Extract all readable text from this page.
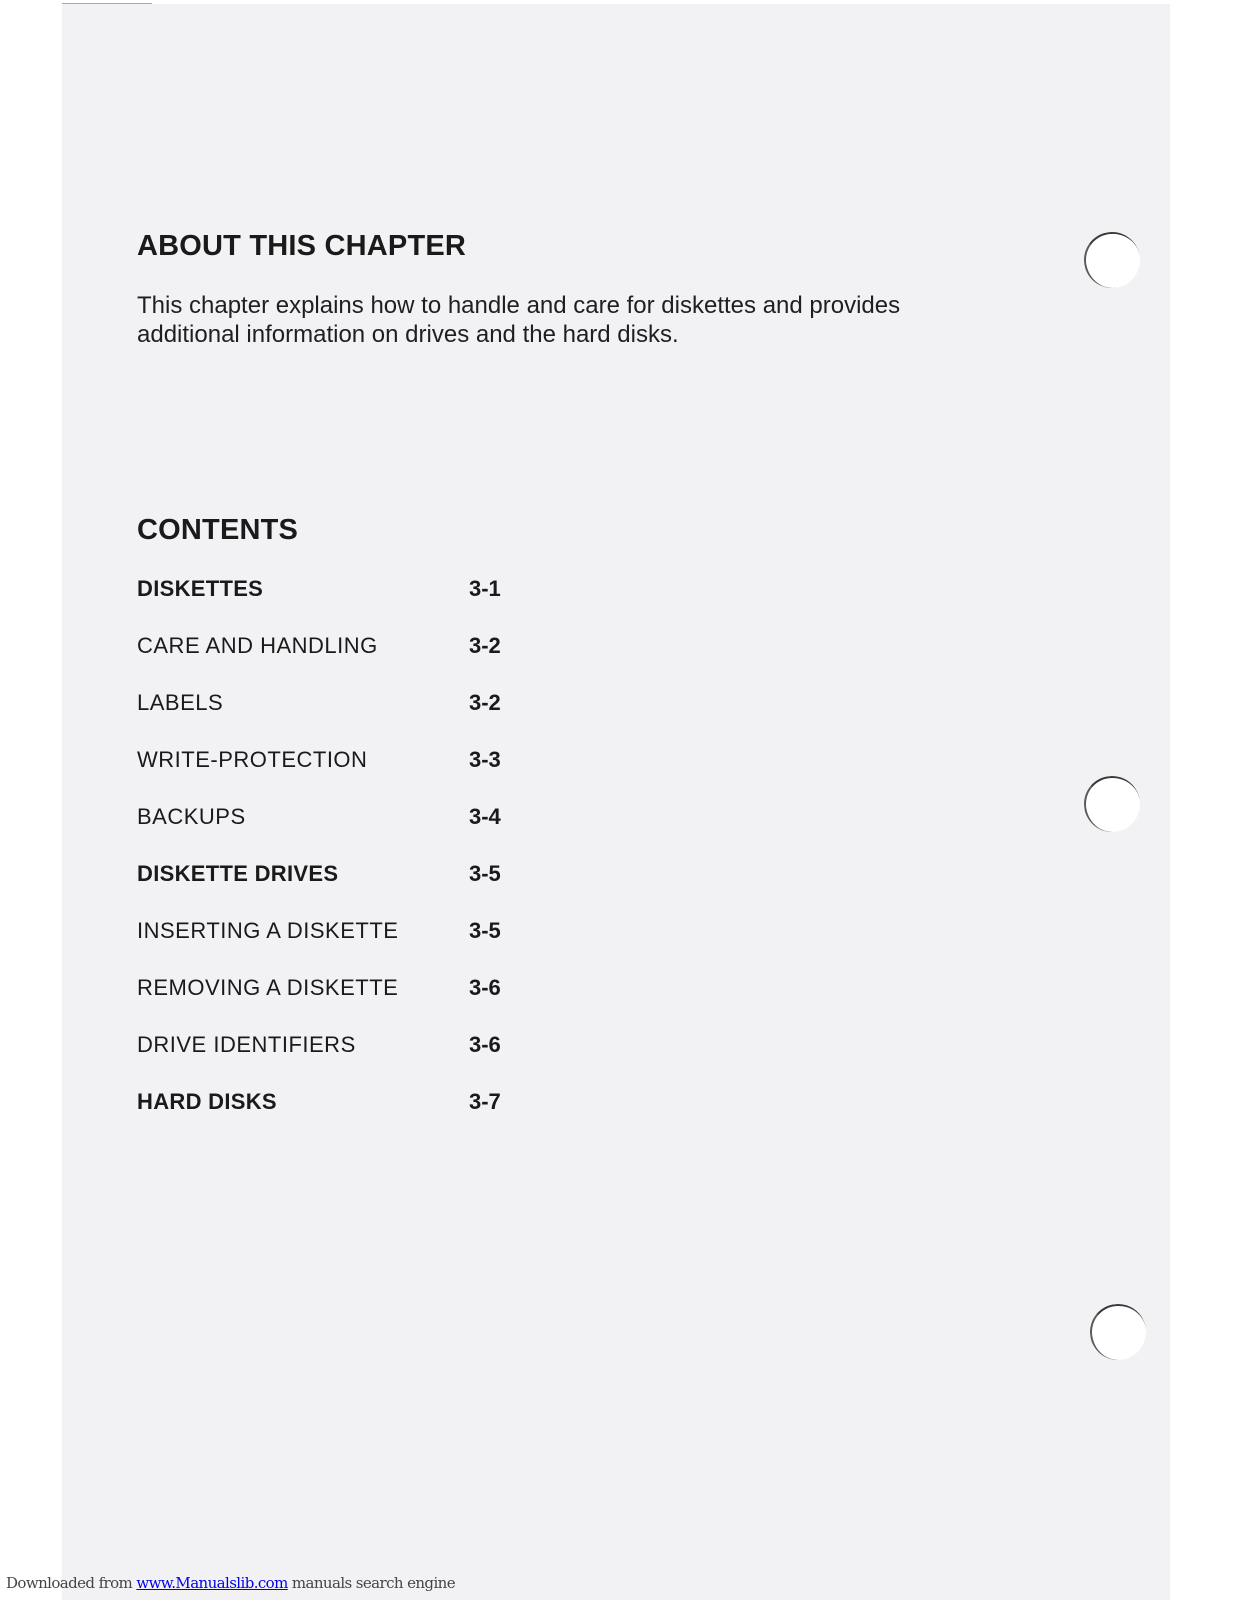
ABOUT THIS CHAPTER
This chapter explains how to handle and care for diskettes and provides additional information on drives and the hard disks.
CONTENTS
DISKETTES	3-1
CARE AND HANDLING	3-2
LABELS	3-2
WRITE-PROTECTION	3-3
BACKUPS	3-4
DISKETTE DRIVES	3-5
INSERTING A DISKETTE	3-5
REMOVING A DISKETTE	3-6
DRIVE IDENTIFIERS	3-6
HARD DISKS	3-7
Downloaded from www.Manualslib.com manuals search engine
